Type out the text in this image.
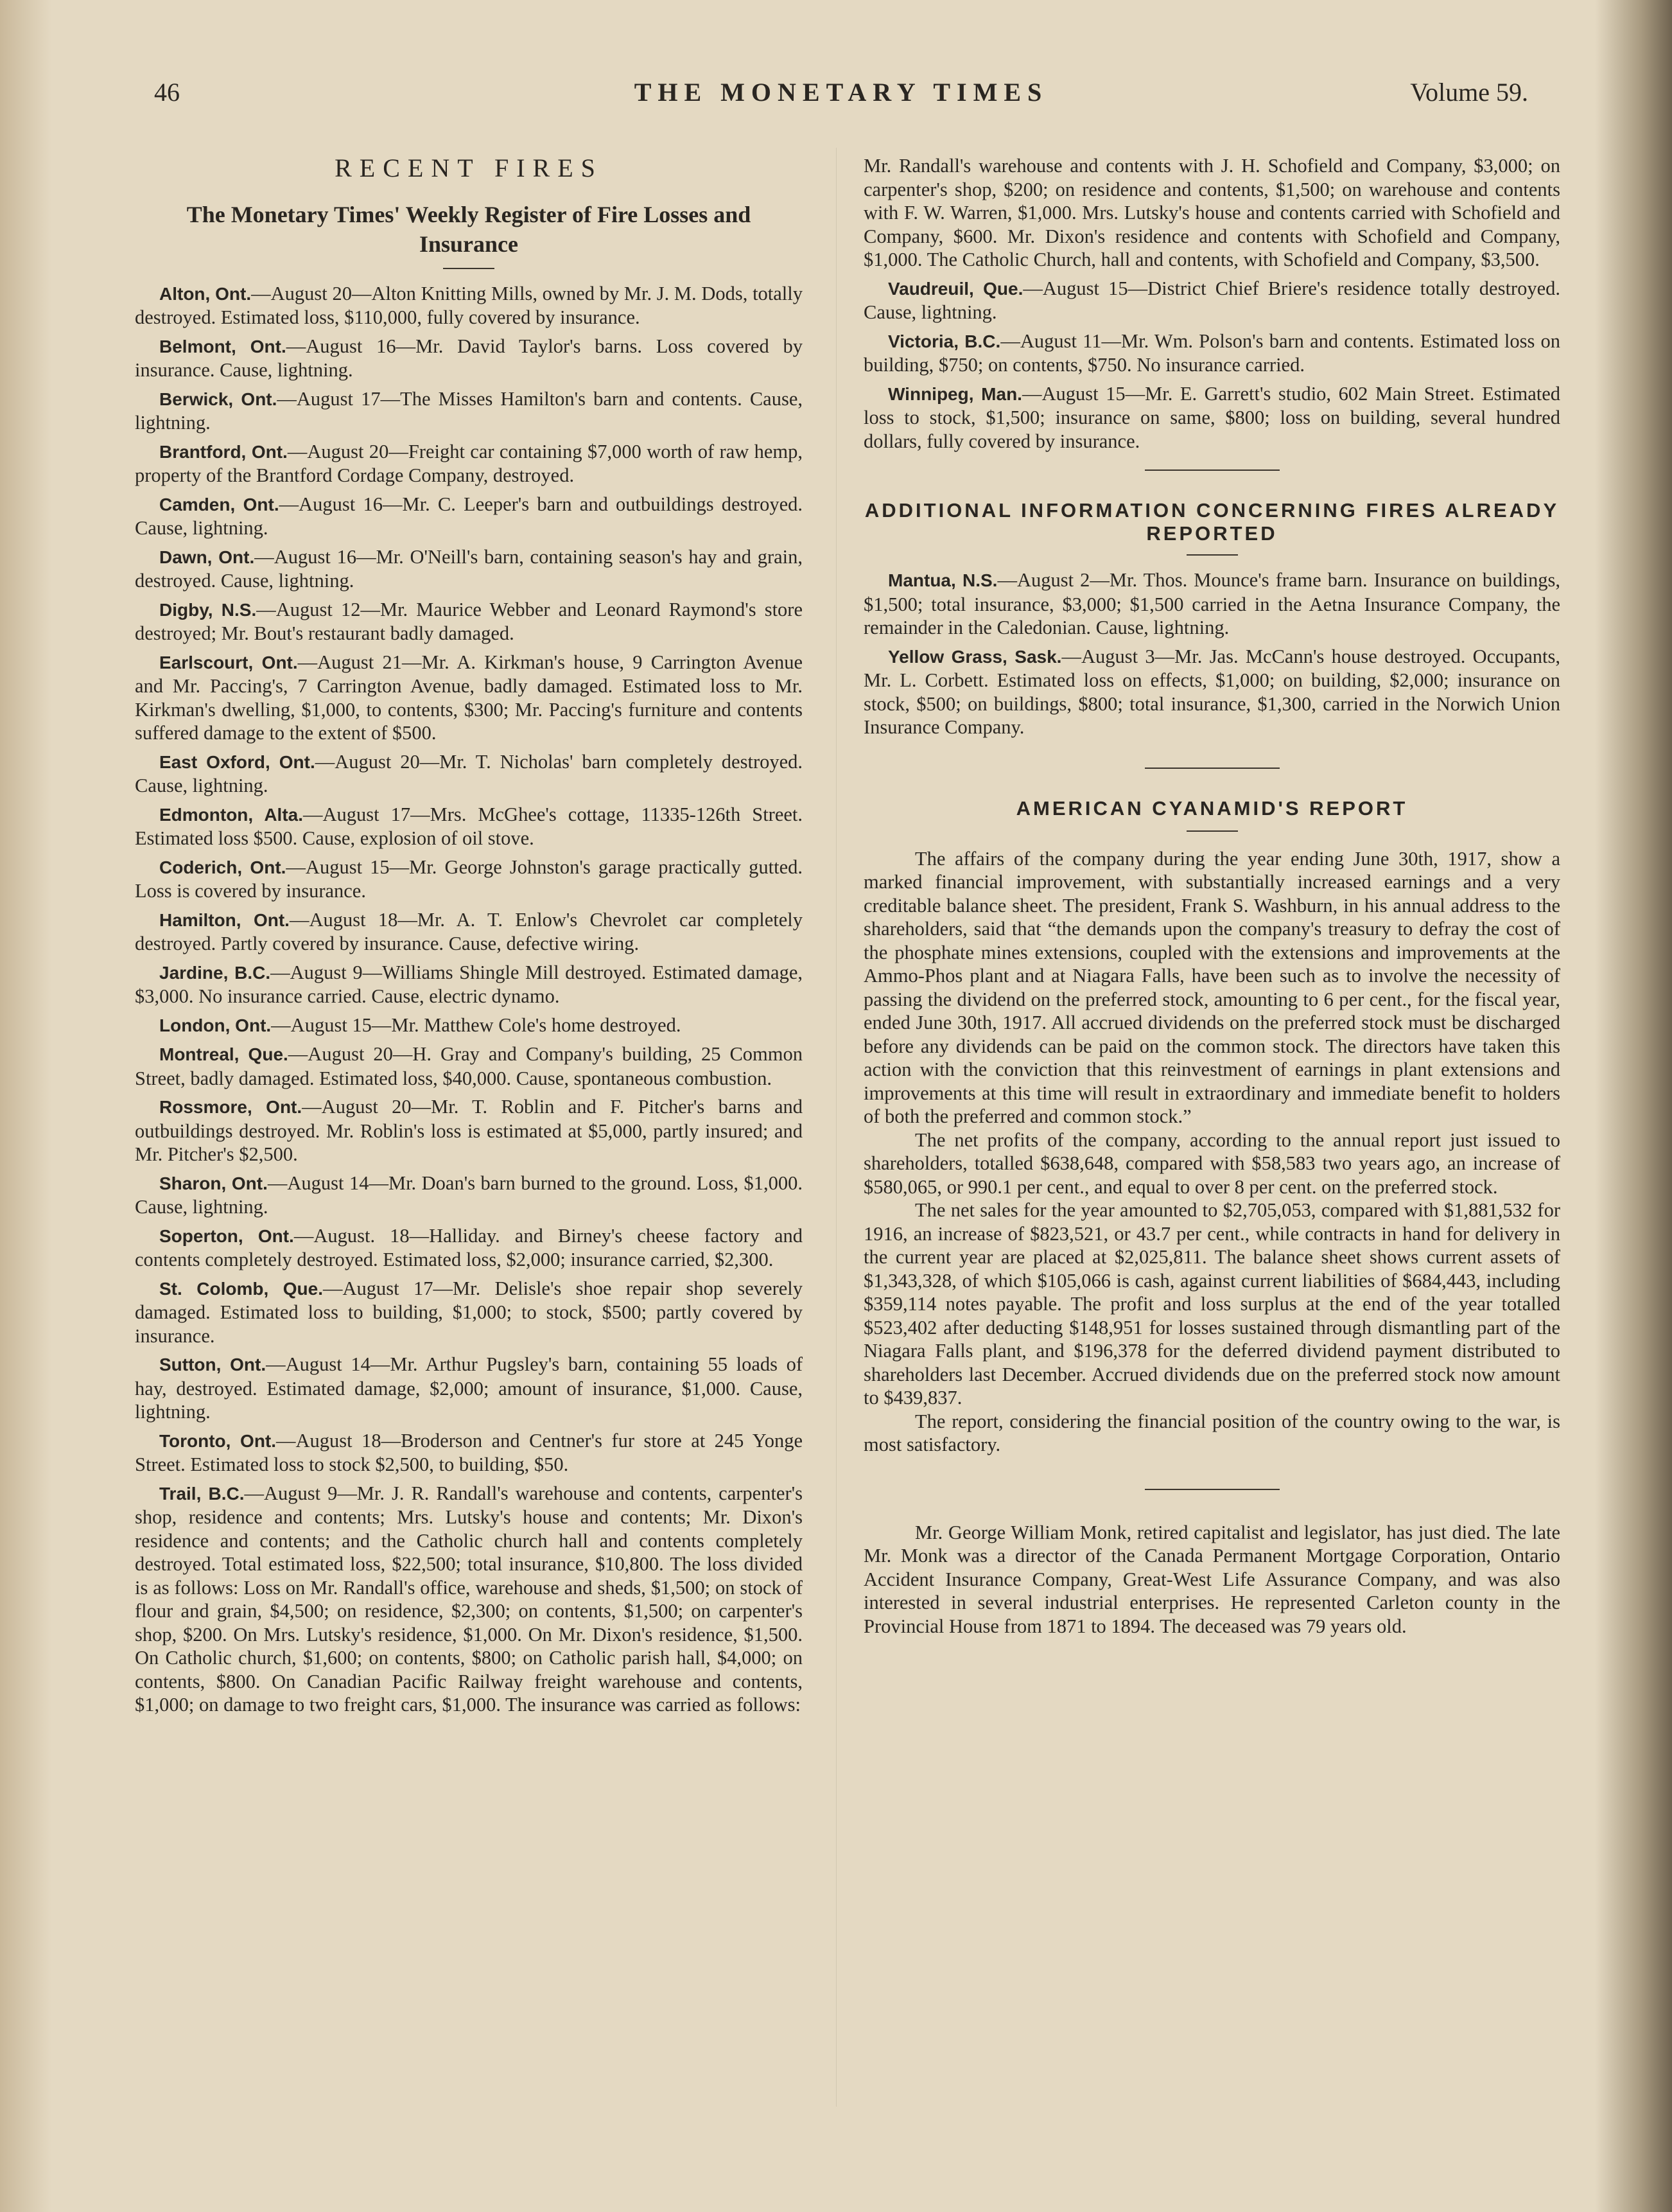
46	THE MONETARY TIMES	Volume 59.
RECENT FIRES
The Monetary Times' Weekly Register of Fire Losses and Insurance

Alton, Ont.—August 20—Alton Knitting Mills, owned by Mr. J. M. Dods, totally destroyed. Estimated loss, $110,000, fully covered by insurance.

Belmont, Ont.—August 16—Mr. David Taylor's barns. Loss covered by insurance. Cause, lightning.

Berwick, Ont.—August 17—The Misses Hamilton's barn and contents. Cause, lightning.

Brantford, Ont.—August 20—Freight car containing $7,000 worth of raw hemp, property of the Brantford Cordage Company, destroyed.

Camden, Ont.—August 16—Mr. C. Leeper's barn and outbuildings destroyed. Cause, lightning.

Dawn, Ont.—August 16—Mr. O'Neill's barn, containing season's hay and grain, destroyed. Cause, lightning.

Digby, N.S.—August 12—Mr. Maurice Webber and Leonard Raymond's store destroyed; Mr. Bout's restaurant badly damaged.

Earlscourt, Ont.—August 21—Mr. A. Kirkman's house, 9 Carrington Avenue and Mr. Paccing's, 7 Carrington Avenue, badly damaged. Estimated loss to Mr. Kirkman's dwelling, $1,000, to contents, $300; Mr. Paccing's furniture and contents suffered damage to the extent of $500.

East Oxford, Ont.—August 20—Mr. T. Nicholas' barn completely destroyed. Cause, lightning.

Edmonton, Alta.—August 17—Mrs. McGhee's cottage, 11335-126th Street. Estimated loss $500. Cause, explosion of oil stove.

Coderich, Ont.—August 15—Mr. George Johnston's garage practically gutted. Loss is covered by insurance.

Hamilton, Ont.—August 18—Mr. A. T. Enlow's Chevrolet car completely destroyed. Partly covered by insurance. Cause, defective wiring.

Jardine, B.C.—August 9—Williams Shingle Mill destroyed. Estimated damage, $3,000. No insurance carried. Cause, electric dynamo.

London, Ont.—August 15—Mr. Matthew Cole's home destroyed.

Montreal, Que.—August 20—H. Gray and Company's building, 25 Common Street, badly damaged. Estimated loss, $40,000. Cause, spontaneous combustion.

Rossmore, Ont.—August 20—Mr. T. Roblin and F. Pitcher's barns and outbuildings destroyed. Mr. Roblin's loss is estimated at $5,000, partly insured; and Mr. Pitcher's $2,500.

Sharon, Ont.—August 14—Mr. Doan's barn burned to the ground. Loss, $1,000. Cause, lightning.

Soperton, Ont.—August. 18—Halliday. and Birney's cheese factory and contents completely destroyed. Estimated loss, $2,000; insurance carried, $2,300.

St. Colomb, Que.—August 17—Mr. Delisle's shoe repair shop severely damaged. Estimated loss to building, $1,000; to stock, $500; partly covered by insurance.

Sutton, Ont.—August 14—Mr. Arthur Pugsley's barn, containing 55 loads of hay, destroyed. Estimated damage, $2,000; amount of insurance, $1,000. Cause, lightning.

Toronto, Ont.—August 18—Broderson and Centner's fur store at 245 Yonge Street. Estimated loss to stock $2,500, to building, $50.

Trail, B.C.—August 9—Mr. J. R. Randall's warehouse and contents, carpenter's shop, residence and contents; Mrs. Lutsky's house and contents; Mr. Dixon's residence and contents; and the Catholic church hall and contents completely destroyed. Total estimated loss, $22,500; total insurance, $10,800. The loss divided is as follows: Loss on Mr. Randall's office, warehouse and sheds, $1,500; on stock of flour and grain, $4,500; on residence, $2,300; on contents, $1,500; on carpenter's shop, $200. On Mrs. Lutsky's residence, $1,000. On Mr. Dixon's residence, $1,500. On Catholic church, $1,600; on contents, $800; on Catholic parish hall, $4,000; on contents, $800. On Canadian Pacific Railway freight warehouse and contents, $1,000; on damage to two freight cars, $1,000. The insurance was carried as follows:

Mr. Randall's warehouse and contents with J. H. Schofield and Company, $3,000; on carpenter's shop, $200; on residence and contents, $1,500; on warehouse and contents with F. W. Warren, $1,000. Mrs. Lutsky's house and contents carried with Schofield and Company, $600. Mr. Dixon's residence and contents with Schofield and Company, $1,000. The Catholic Church, hall and contents, with Schofield and Company, $3,500.

Vaudreuil, Que.—August 15—District Chief Briere's residence totally destroyed. Cause, lightning.

Victoria, B.C.—August 11—Mr. Wm. Polson's barn and contents. Estimated loss on building, $750; on contents, $750. No insurance carried.

Winnipeg, Man.—August 15—Mr. E. Garrett's studio, 602 Main Street. Estimated loss to stock, $1,500; insurance on same, $800; loss on building, several hundred dollars, fully covered by insurance.

ADDITIONAL INFORMATION CONCERNING FIRES ALREADY REPORTED

Mantua, N.S.—August 2—Mr. Thos. Mounce's frame barn. Insurance on buildings, $1,500; total insurance, $3,000; $1,500 carried in the Aetna Insurance Company, the remainder in the Caledonian. Cause, lightning.

Yellow Grass, Sask.—August 3—Mr. Jas. McCann's house destroyed. Occupants, Mr. L. Corbett. Estimated loss on effects, $1,000; on building, $2,000; insurance on stock, $500; on buildings, $800; total insurance, $1,300, carried in the Norwich Union Insurance Company.

AMERICAN CYANAMID'S REPORT

The affairs of the company during the year ending June 30th, 1917, show a marked financial improvement, with substantially increased earnings and a very creditable balance sheet. The president, Frank S. Washburn, in his annual address to the shareholders, said that “the demands upon the company's treasury to defray the cost of the phosphate mines extensions, coupled with the extensions and improvements at the Ammo-Phos plant and at Niagara Falls, have been such as to involve the necessity of passing the dividend on the preferred stock, amounting to 6 per cent., for the fiscal year, ended June 30th, 1917. All accrued dividends on the preferred stock must be discharged before any dividends can be paid on the common stock. The directors have taken this action with the conviction that this reinvestment of earnings in plant extensions and improvements at this time will result in extraordinary and immediate benefit to holders of both the preferred and common stock.”

The net profits of the company, according to the annual report just issued to shareholders, totalled $638,648, compared with $58,583 two years ago, an increase of $580,065, or 990.1 per cent., and equal to over 8 per cent. on the preferred stock.

The net sales for the year amounted to $2,705,053, compared with $1,881,532 for 1916, an increase of $823,521, or 43.7 per cent., while contracts in hand for delivery in the current year are placed at $2,025,811. The balance sheet shows current assets of $1,343,328, of which $105,066 is cash, against current liabilities of $684,443, including $359,114 notes payable. The profit and loss surplus at the end of the year totalled $523,402 after deducting $148,951 for losses sustained through dismantling part of the Niagara Falls plant, and $196,378 for the deferred dividend payment distributed to shareholders last December. Accrued dividends due on the preferred stock now amount to $439,837.

The report, considering the financial position of the country owing to the war, is most satisfactory.

Mr. George William Monk, retired capitalist and legislator, has just died. The late Mr. Monk was a director of the Canada Permanent Mortgage Corporation, Ontario Accident Insurance Company, Great-West Life Assurance Company, and was also interested in several industrial enterprises. He represented Carleton county in the Provincial House from 1871 to 1894. The deceased was 79 years old.
